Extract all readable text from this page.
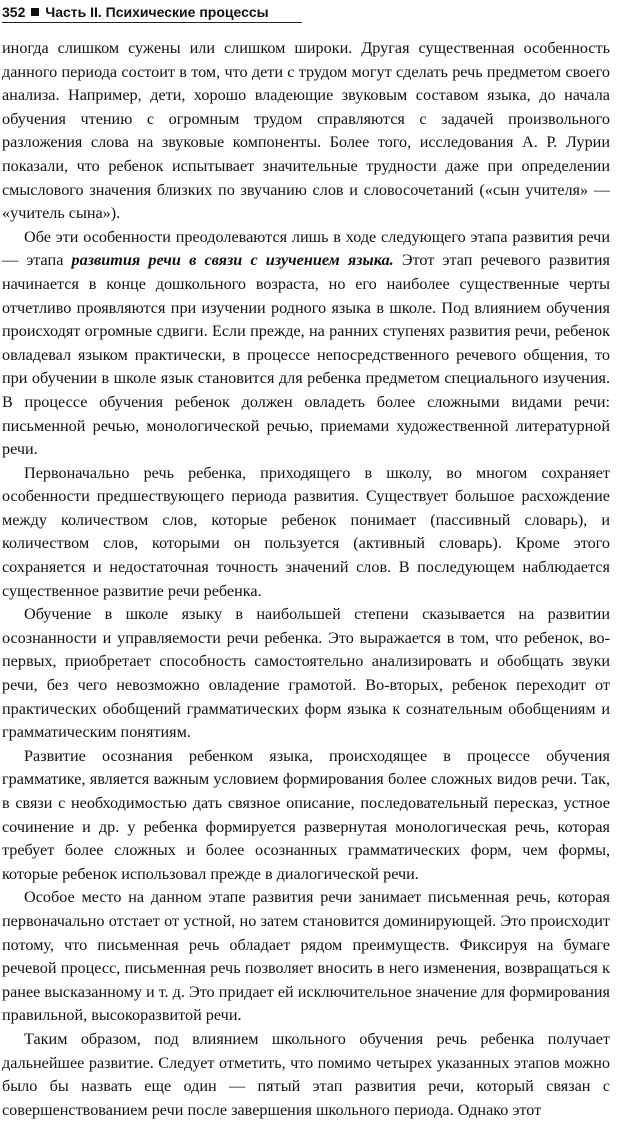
352 Часть II. Психические процессы

иногда слишком сужены или слишком широки. Другая существенная особенность данного периода состоит в том, что дети с трудом могут сделать речь предметом своего анализа. Например, дети, хорошо владеющие звуковым составом языка, до начала обучения чтению с огромным трудом справляются с задачей произвольного разложения слова на звуковые компоненты. Более того, исследования А. Р. Лурии показали, что ребенок испытывает значительные трудности даже при определении смыслового значения близких по звучанию слов и словосочетаний («сын учителя» — «учитель сына»).

Обе эти особенности преодолеваются лишь в ходе следующего этапа развития речи — этапа развития речи в связи с изучением языка. Этот этап речевого развития начинается в конце дошкольного возраста, но его наиболее существенные черты отчетливо проявляются при изучении родного языка в школе. Под влиянием обучения происходят огромные сдвиги. Если прежде, на ранних ступенях развития речи, ребенок овладевал языком практически, в процессе непосредственного речевого общения, то при обучении в школе язык становится для ребенка предметом специального изучения. В процессе обучения ребенок должен овладеть более сложными видами речи: письменной речью, монологической речью, приемами художественной литературной речи.

Первоначально речь ребенка, приходящего в школу, во многом сохраняет особенности предшествующего периода развития. Существует большое расхождение между количеством слов, которые ребенок понимает (пассивный словарь), и количеством слов, которыми он пользуется (активный словарь). Кроме этого сохраняется и недостаточная точность значений слов. В последующем наблюдается существенное развитие речи ребенка.

Обучение в школе языку в наибольшей степени сказывается на развитии осознанности и управляемости речи ребенка. Это выражается в том, что ребенок, во-первых, приобретает способность самостоятельно анализировать и обобщать звуки речи, без чего невозможно овладение грамотой. Во-вторых, ребенок переходит от практических обобщений грамматических форм языка к сознательным обобщениям и грамматическим понятиям.

Развитие осознания ребенком языка, происходящее в процессе обучения грамматике, является важным условием формирования более сложных видов речи. Так, в связи с необходимостью дать связное описание, последовательный пересказ, устное сочинение и др. у ребенка формируется развернутая монологическая речь, которая требует более сложных и более осознанных грамматических форм, чем формы, которые ребенок использовал прежде в диалогической речи.

Особое место на данном этапе развития речи занимает письменная речь, которая первоначально отстает от устной, но затем становится доминирующей. Это происходит потому, что письменная речь обладает рядом преимуществ. Фиксируя на бумаге речевой процесс, письменная речь позволяет вносить в него изменения, возвращаться к ранее высказанному и т. д. Это придает ей исключительное значение для формирования правильной, высокоразвитой речи.

Таким образом, под влиянием школьного обучения речь ребенка получает дальнейшее развитие. Следует отметить, что помимо четырех указанных этапов можно было бы назвать еще один — пятый этап развития речи, который связан с совершенствованием речи после завершения школьного периода. Однако этот
